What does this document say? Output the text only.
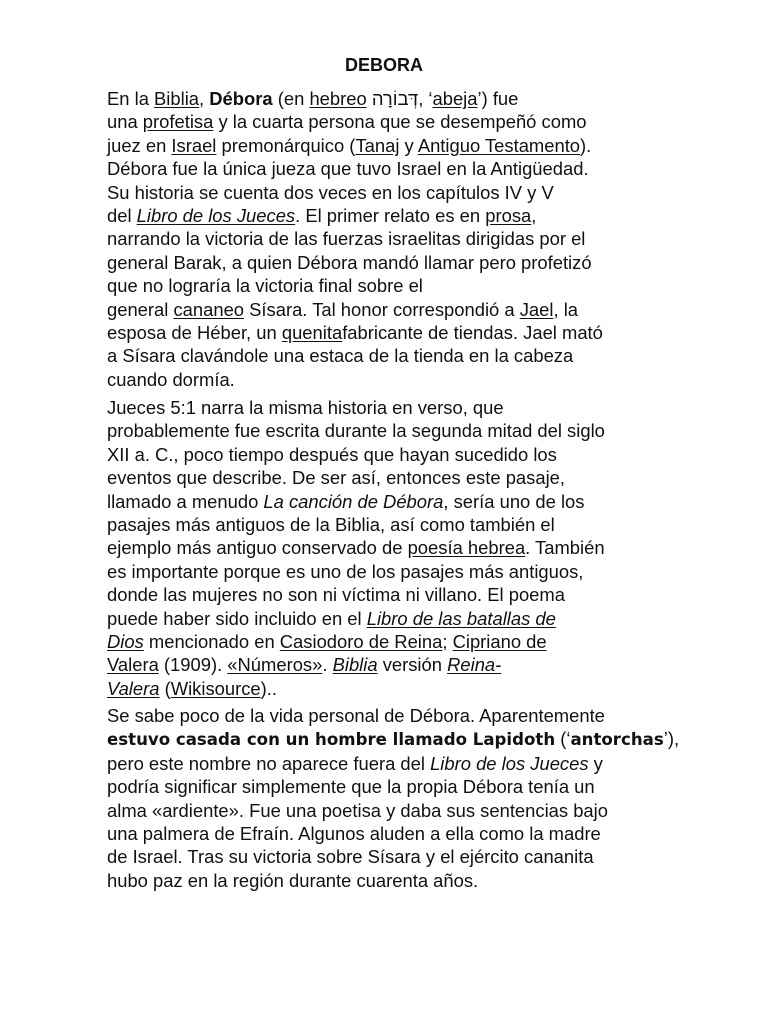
DEBORA

En la Biblia, Débora (en hebreo דְּבוֹרָה, ‘abeja’) fue
una profetisa y la cuarta persona que se desempeñó como
juez en Israel premonárquico (Tanaj y Antiguo Testamento).
Débora fue la única jueza que tuvo Israel en la Antigüedad.
Su historia se cuenta dos veces en los capítulos IV y V
del Libro de los Jueces. El primer relato es en prosa,
narrando la victoria de las fuerzas israelitas dirigidas por el
general Barak, a quien Débora mandó llamar pero profetizó
que no lograría la victoria final sobre el
general cananeo Sísara. Tal honor correspondió a Jael, la
esposa de Héber, un quenitafabricante de tiendas. Jael mató
a Sísara clavándole una estaca de la tienda en la cabeza
cuando dormía.

Jueces 5:1 narra la misma historia en verso, que
probablemente fue escrita durante la segunda mitad del siglo
XII a. C., poco tiempo después que hayan sucedido los
eventos que describe. De ser así, entonces este pasaje,
llamado a menudo La canción de Débora, sería uno de los
pasajes más antiguos de la Biblia, así como también el
ejemplo más antiguo conservado de poesía hebrea. También
es importante porque es uno de los pasajes más antiguos,
donde las mujeres no son ni víctima ni villano. El poema
puede haber sido incluido en el Libro de las batallas de
Dios mencionado en Casiodoro de Reina; Cipriano de
Valera (1909). «Números». Biblia versión Reina-
Valera (Wikisource)..

Se sabe poco de la vida personal de Débora. Aparentemente
estuvo casada con un hombre llamado Lapidoth (‘antorchas’),
pero este nombre no aparece fuera del Libro de los Jueces y
podría significar simplemente que la propia Débora tenía un
alma «ardiente». Fue una poetisa y daba sus sentencias bajo
una palmera de Efraín. Algunos aluden a ella como la madre
de Israel. Tras su victoria sobre Sísara y el ejército cananita
hubo paz en la región durante cuarenta años.
